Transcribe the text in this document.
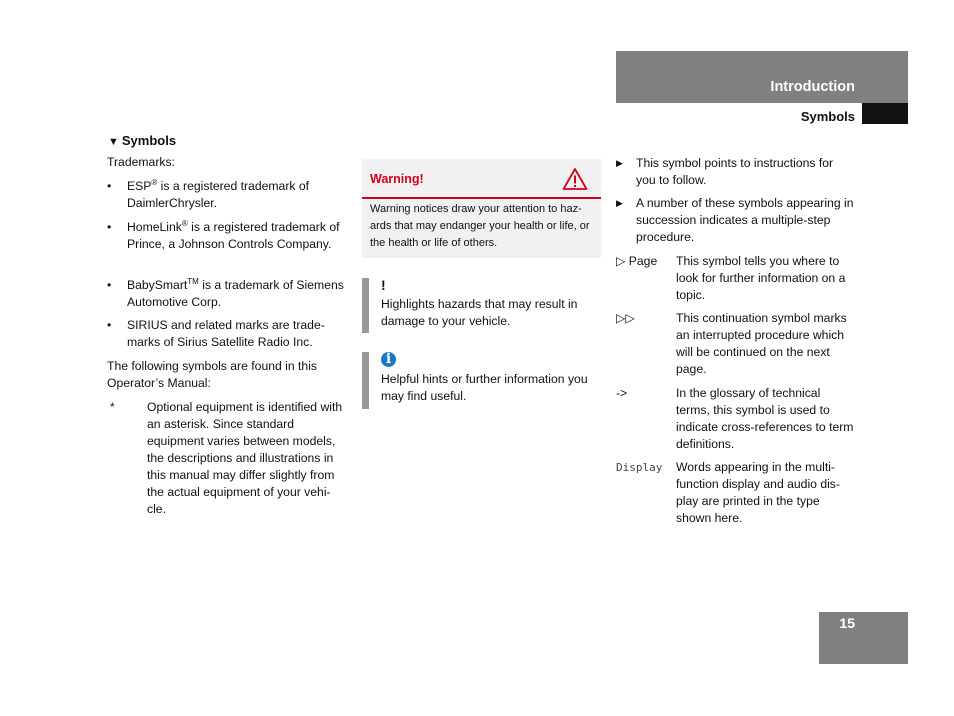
Introduction
Symbols
15
▼ Symbols
Trademarks:
• ESP® is a registered trademark of DaimlerChrysler.
• HomeLink® is a registered trademark of Prince, a Johnson Controls Company.
• BabySmart™ is a trademark of Siemens Automotive Corp.
• SIRIUS and related marks are trade-marks of Sirius Satellite Radio Inc.
The following symbols are found in this Operator’s Manual:
*	Optional equipment is identified with an asterisk. Since standard equipment varies between models, the descriptions and illustrations in this manual may differ slightly from the actual equipment of your vehi-cle.
Warning!
Warning notices draw your attention to haz-ards that may endanger your health or life, or the health or life of others.
!
Highlights hazards that may result in damage to your vehicle.
i
Helpful hints or further information you may find useful.
▶ This symbol points to instructions for you to follow.
▶ A number of these symbols appearing in succession indicates a multiple-step procedure.
▷ Page This symbol tells you where to look for further information on a topic.
▷▷	This continuation symbol marks an interrupted procedure which will be continued on the next page.
->	In the glossary of technical terms, this symbol is used to indicate cross-references to term definitions.
Display Words appearing in the multi-function display and audio dis-play are printed in the type shown here.
